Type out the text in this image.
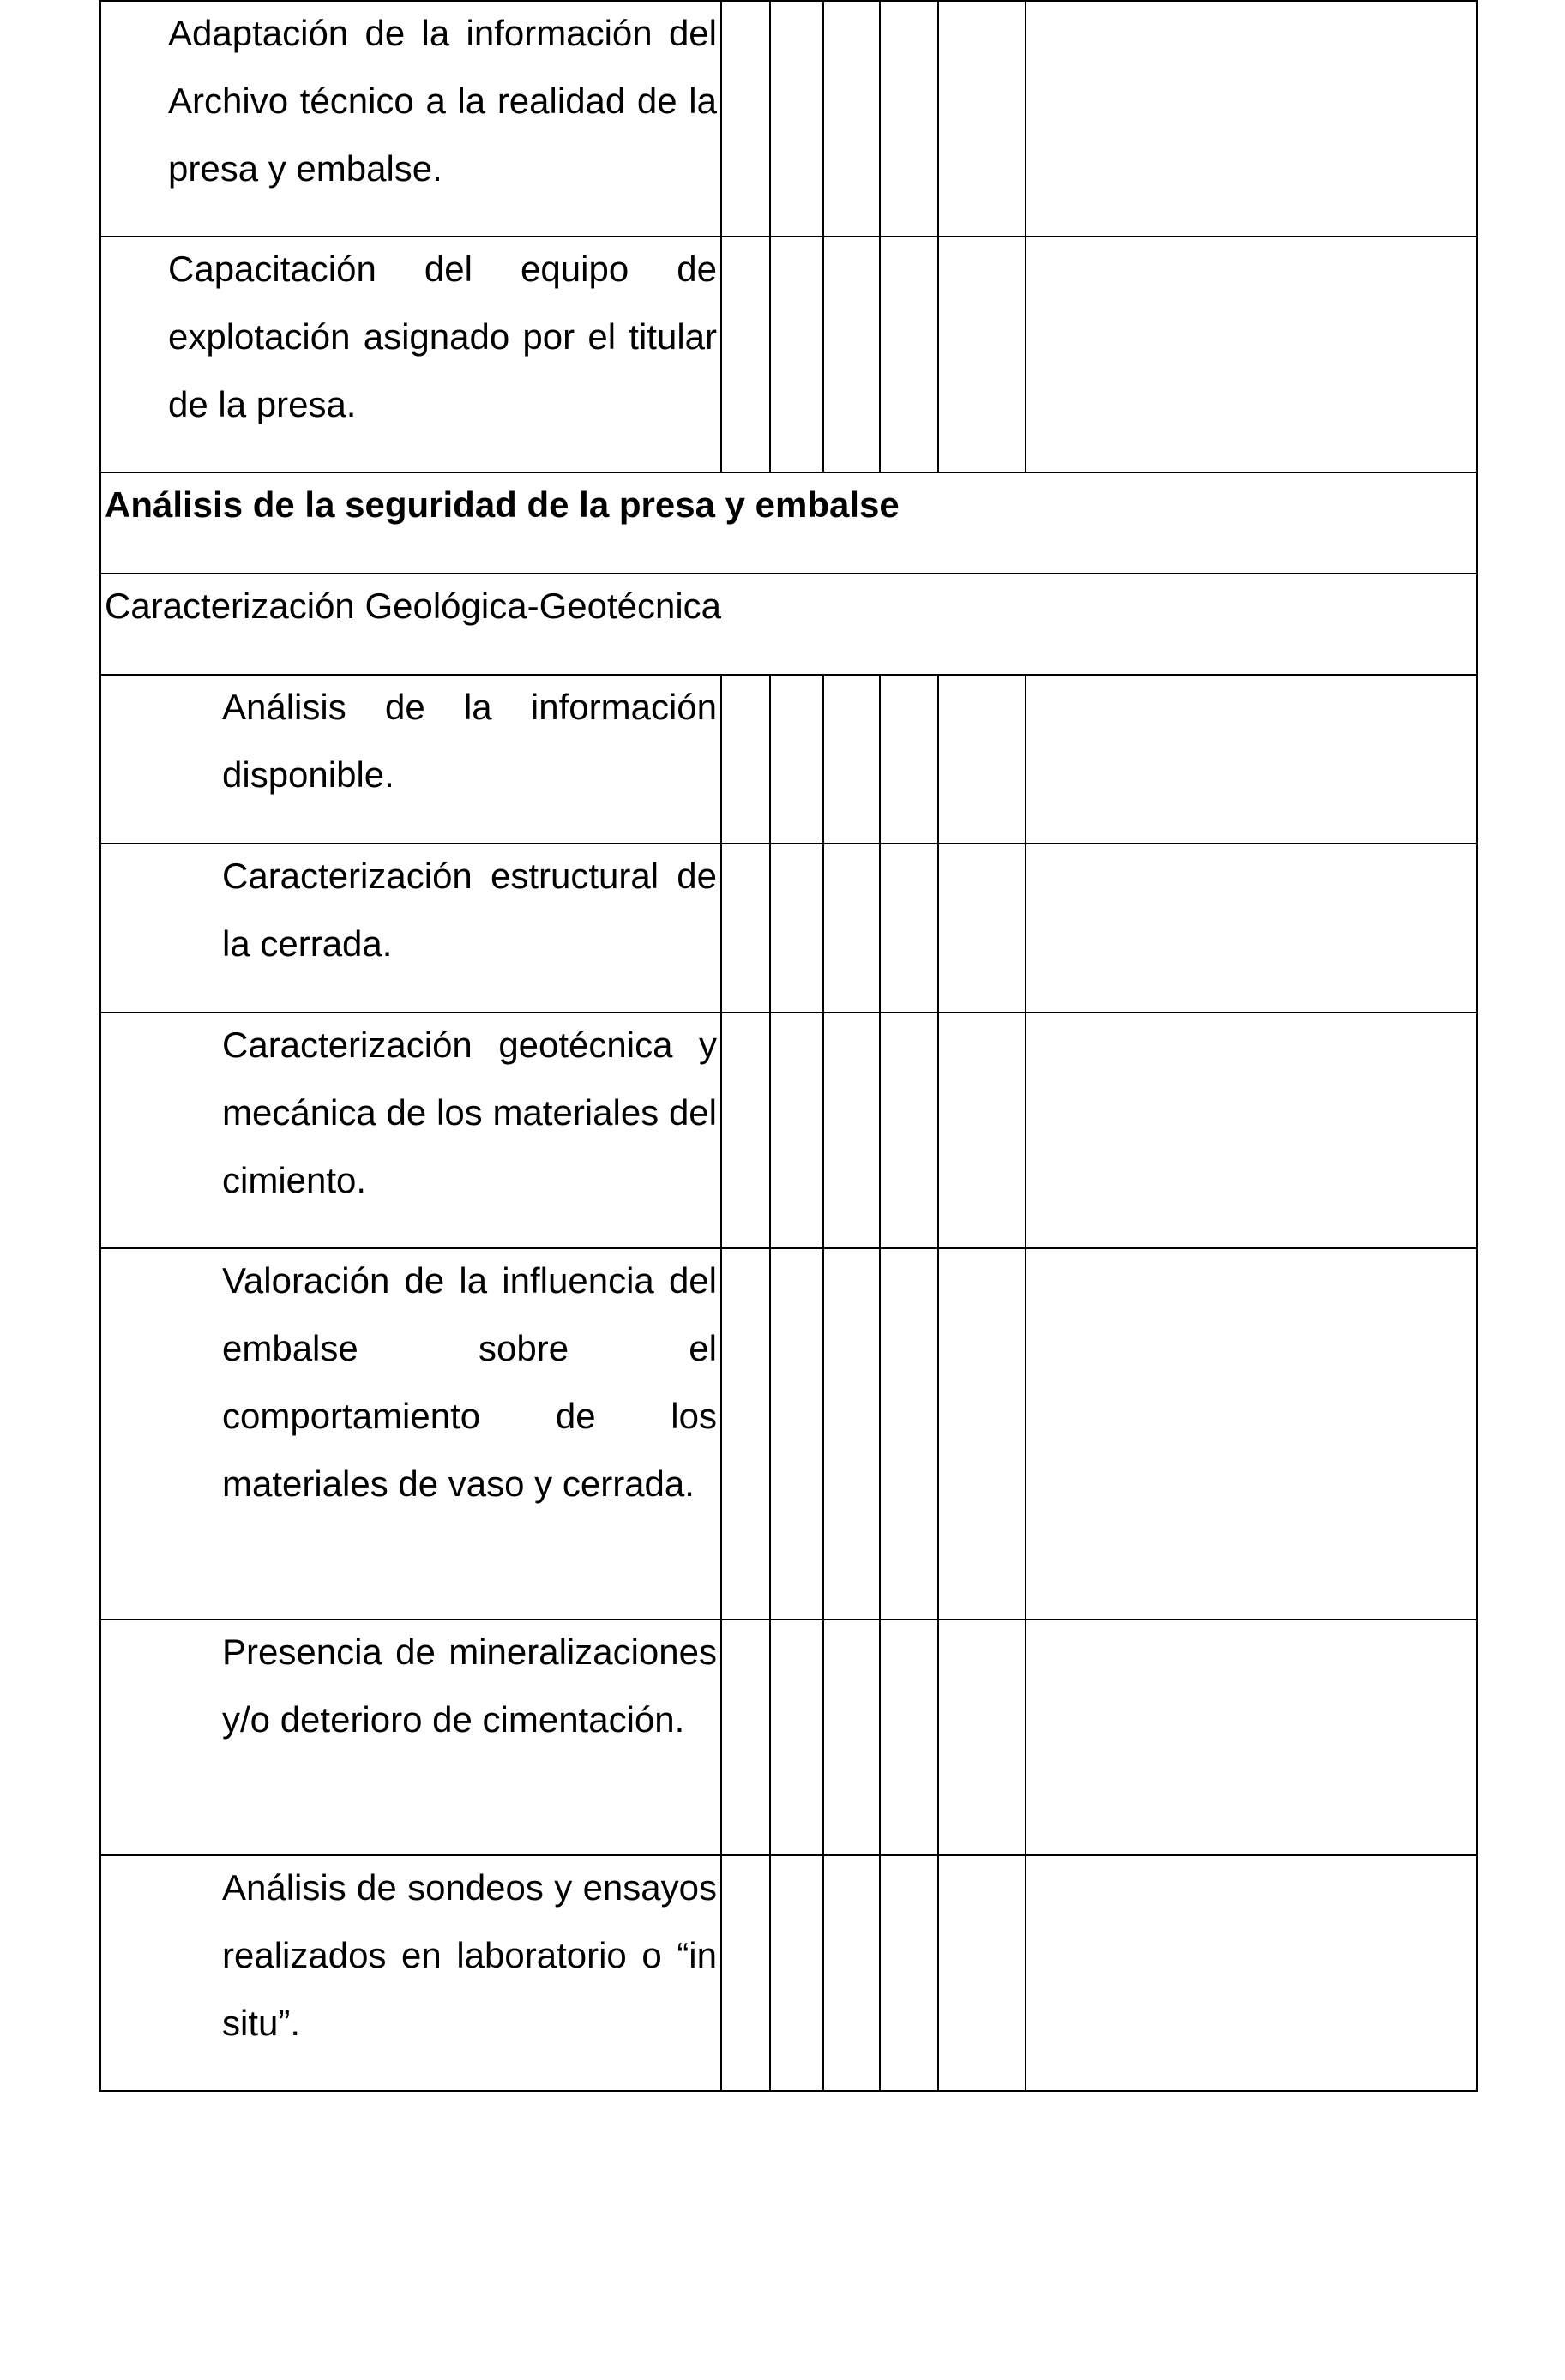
Adaptación de la información del Archivo técnico a la realidad de la presa y embalse.						

Capacitación del equipo de explotación asignado por el titular de la presa.						

Análisis de la seguridad de la presa y embalse						

Caracterización Geológica-Geotécnica						

Análisis de la información disponible.						

Caracterización estructural de la cerrada.						

Caracterización geotécnica y mecánica de los materiales del cimiento.						

Valoración de la influencia del embalse sobre el comportamiento de los materiales de vaso y cerrada.						

Presencia de mineralizaciones y/o deterioro de cimentación.						

Análisis de sondeos y ensayos realizados en laboratorio o “in situ”.						
